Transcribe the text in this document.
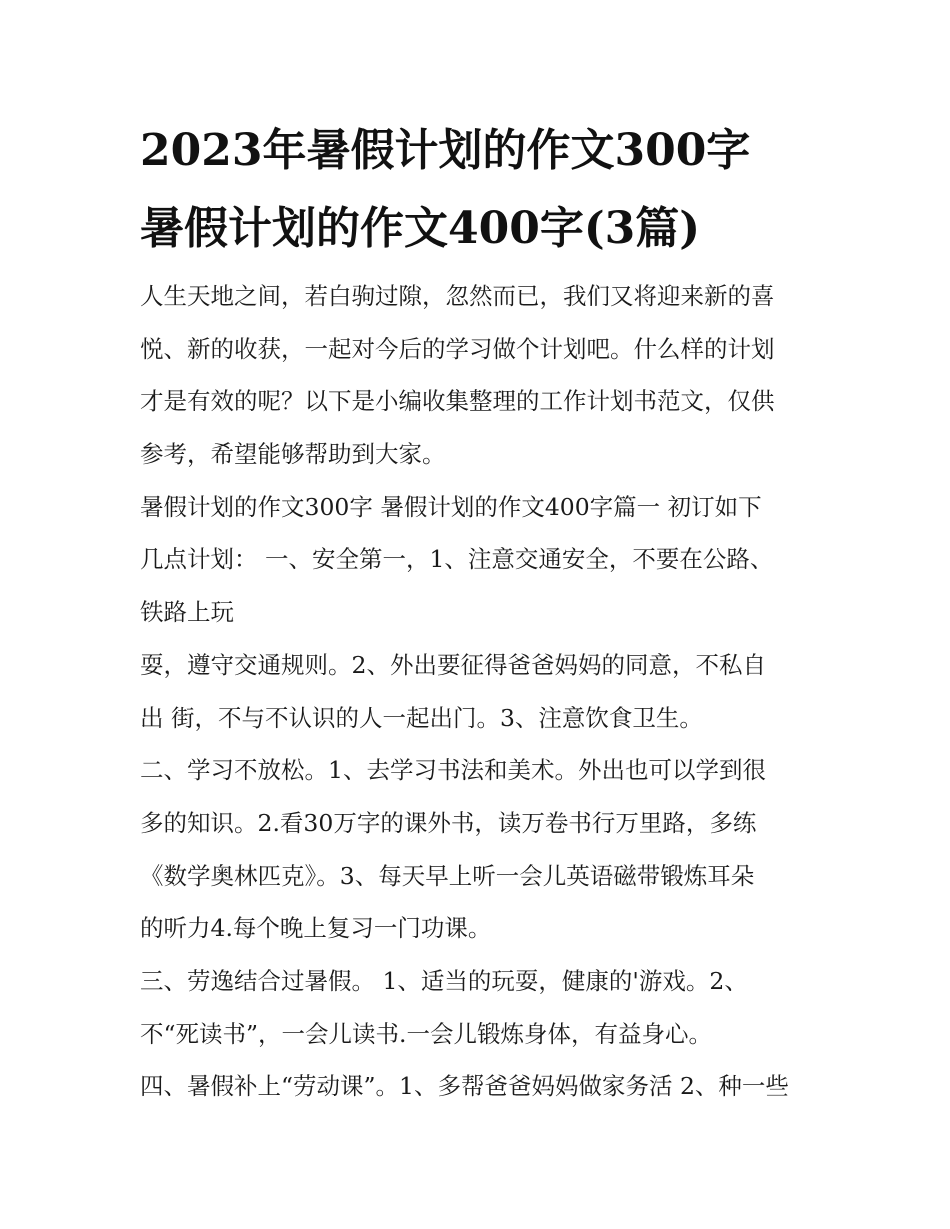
2023年暑假计划的作文300字
暑假计划的作文400字(3篇)
人生天地之间，若白驹过隙，忽然而已，我们又将迎来新的喜
悦、新的收获，一起对今后的学习做个计划吧。什么样的计划
才是有效的呢？以下是小编收集整理的工作计划书范文，仅供
参考，希望能够帮助到大家。
暑假计划的作文300字 暑假计划的作文400字篇一 初订如下
几点计划： 一、安全第一，1、注意交通安全，不要在公路、
铁路上玩
耍，遵守交通规则。2、外出要征得爸爸妈妈的同意，不私自
出 街，不与不认识的人一起出门。3、注意饮食卫生。
二、学习不放松。1、去学习书法和美术。外出也可以学到很
多的知识。2.看30万字的课外书，读万卷书行万里路，多练
《数学奥林匹克》。3、每天早上听一会儿英语磁带锻炼耳朵
的听力4.每个晚上复习一门功课。
三、劳逸结合过暑假。 1、适当的玩耍，健康的'游戏。2、
不“死读书”，一会儿读书.一会儿锻炼身体，有益身心。
四、暑假补上“劳动课”。1、多帮爸爸妈妈做家务活 2、种一些
